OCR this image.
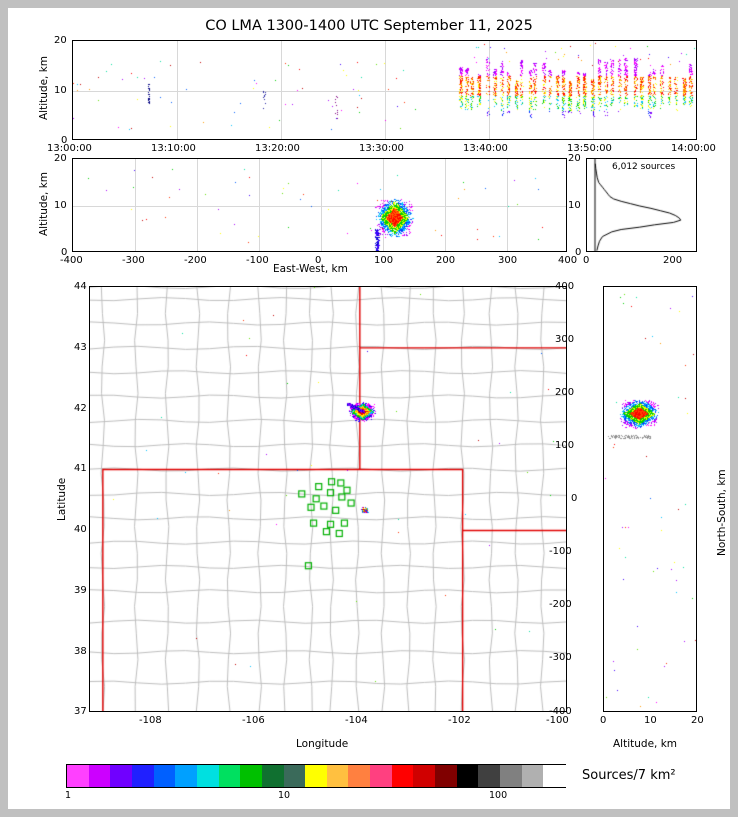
CO LMA 1300-1400 UTC September 11, 2025
20
10
0
Altitude, km
13:00:00	13:10:00	13:20:00	13:30:00	13:40:00	13:50:00	14:00:00
20
10
0
Altitude, km
-400	-300	-200	-100	0	100	200	300	400
East-West, km
6,012 sources
20
10
0
0	200
44
43
42
41
40
39
38
37
Latitude
-108	-106	-104	-102	-100
Longitude
400
300
200
100
0
-100
-200
-300
-400
North-South, km
0	10	20
Altitude, km
1	10	100
Sources/7 km²
